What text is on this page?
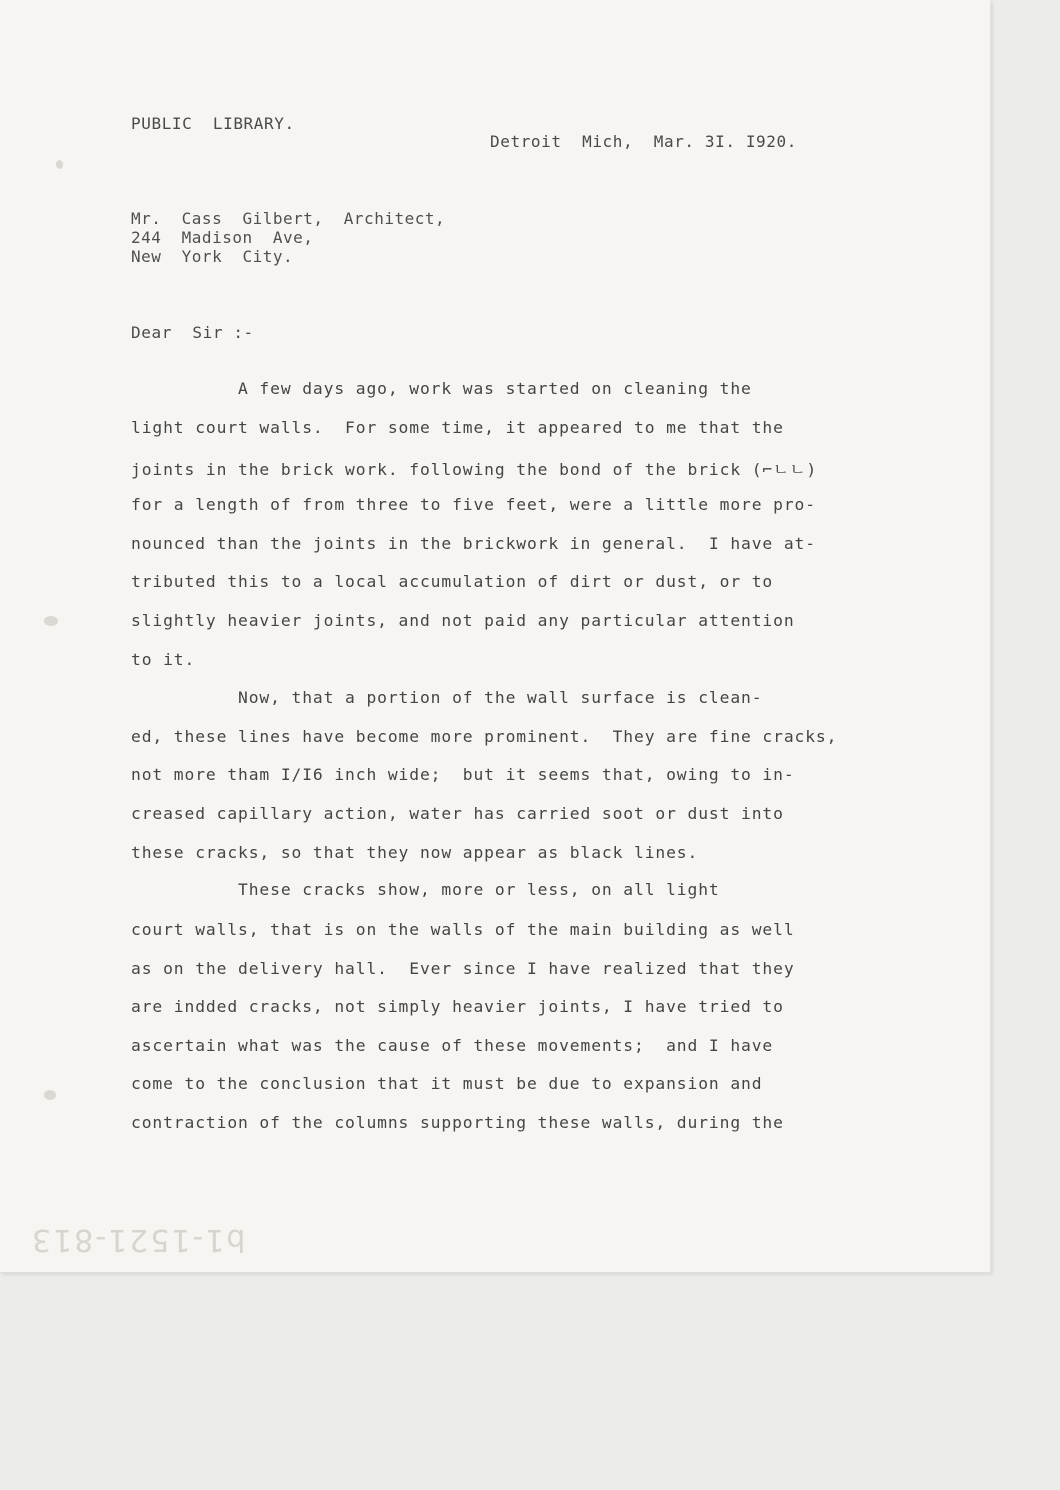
PUBLIC  LIBRARY.
Detroit  Mich,  Mar. 3I. I920.
Mr.  Cass  Gilbert,  Architect,
244  Madison  Ave,
New  York  City.
Dear  Sir :-
A few days ago, work was started on cleaning the
light court walls.  For some time, it appeared to me that the
joints in the brick work. following the bond of the brick (⌐ㄴㄴ)
for a length of from three to five feet, were a little more pro-
nounced than the joints in the brickwork in general.  I have at-
tributed this to a local accumulation of dirt or dust, or to
slightly heavier joints, and not paid any particular attention
to it.
Now, that a portion of the wall surface is clean-
ed, these lines have become more prominent.  They are fine cracks,
not more tham I/I6 inch wide;  but it seems that, owing to in-
creased capillary action, water has carried soot or dust into
these cracks, so that they now appear as black lines.
These cracks show, more or less, on all light
court walls, that is on the walls of the main building as well
as on the delivery hall.  Ever since I have realized that they
are indded cracks, not simply heavier joints, I have tried to
ascertain what was the cause of these movements;  and I have
come to the conclusion that it must be due to expansion and
contraction of the columns supporting these walls, during the
b1-1521-813
